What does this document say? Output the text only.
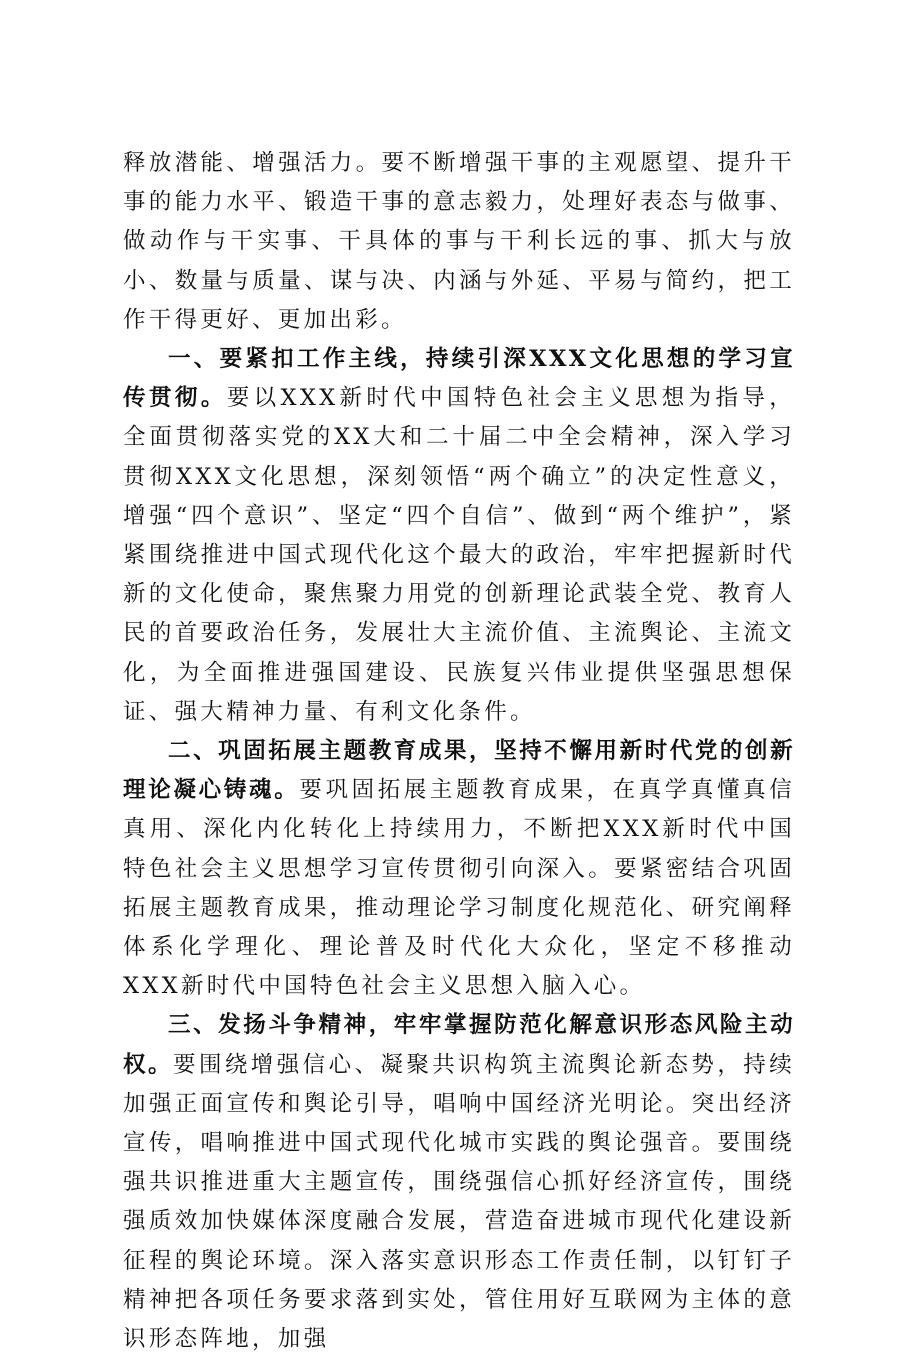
释放潜能、增强活力。要不断增强干事的主观愿望、提升干事的能力水平、锻造干事的意志毅力，处理好表态与做事、做动作与干实事、干具体的事与干利长远的事、抓大与放小、数量与质量、谋与决、内涵与外延、平易与简约，把工作干得更好、更加出彩。

一、要紧扣工作主线，持续引深XXX文化思想的学习宣传贯彻。要以XXX新时代中国特色社会主义思想为指导，全面贯彻落实党的XX大和二十届二中全会精神，深入学习贯彻XXX文化思想，深刻领悟“两个确立”的决定性意义，增强“四个意识”、坚定“四个自信”、做到“两个维护”，紧紧围绕推进中国式现代化这个最大的政治，牢牢把握新时代新的文化使命，聚焦聚力用党的创新理论武装全党、教育人民的首要政治任务，发展壮大主流价值、主流舆论、主流文化，为全面推进强国建设、民族复兴伟业提供坚强思想保证、强大精神力量、有利文化条件。

二、巩固拓展主题教育成果，坚持不懈用新时代党的创新理论凝心铸魂。要巩固拓展主题教育成果，在真学真懂真信真用、深化内化转化上持续用力，不断把XXX新时代中国特色社会主义思想学习宣传贯彻引向深入。要紧密结合巩固拓展主题教育成果，推动理论学习制度化规范化、研究阐释体系化学理化、理论普及时代化大众化，坚定不移推动XXX新时代中国特色社会主义思想入脑入心。

三、发扬斗争精神，牢牢掌握防范化解意识形态风险主动权。要围绕增强信心、凝聚共识构筑主流舆论新态势，持续加强正面宣传和舆论引导，唱响中国经济光明论。突出经济宣传，唱响推进中国式现代化城市实践的舆论强音。要围绕强共识推进重大主题宣传，围绕强信心抓好经济宣传，围绕强质效加快媒体深度融合发展，营造奋进城市现代化建设新征程的舆论环境。深入落实意识形态工作责任制，以钉钉子精神把各项任务要求落到实处，管住用好互联网为主体的意识形态阵地，加强
